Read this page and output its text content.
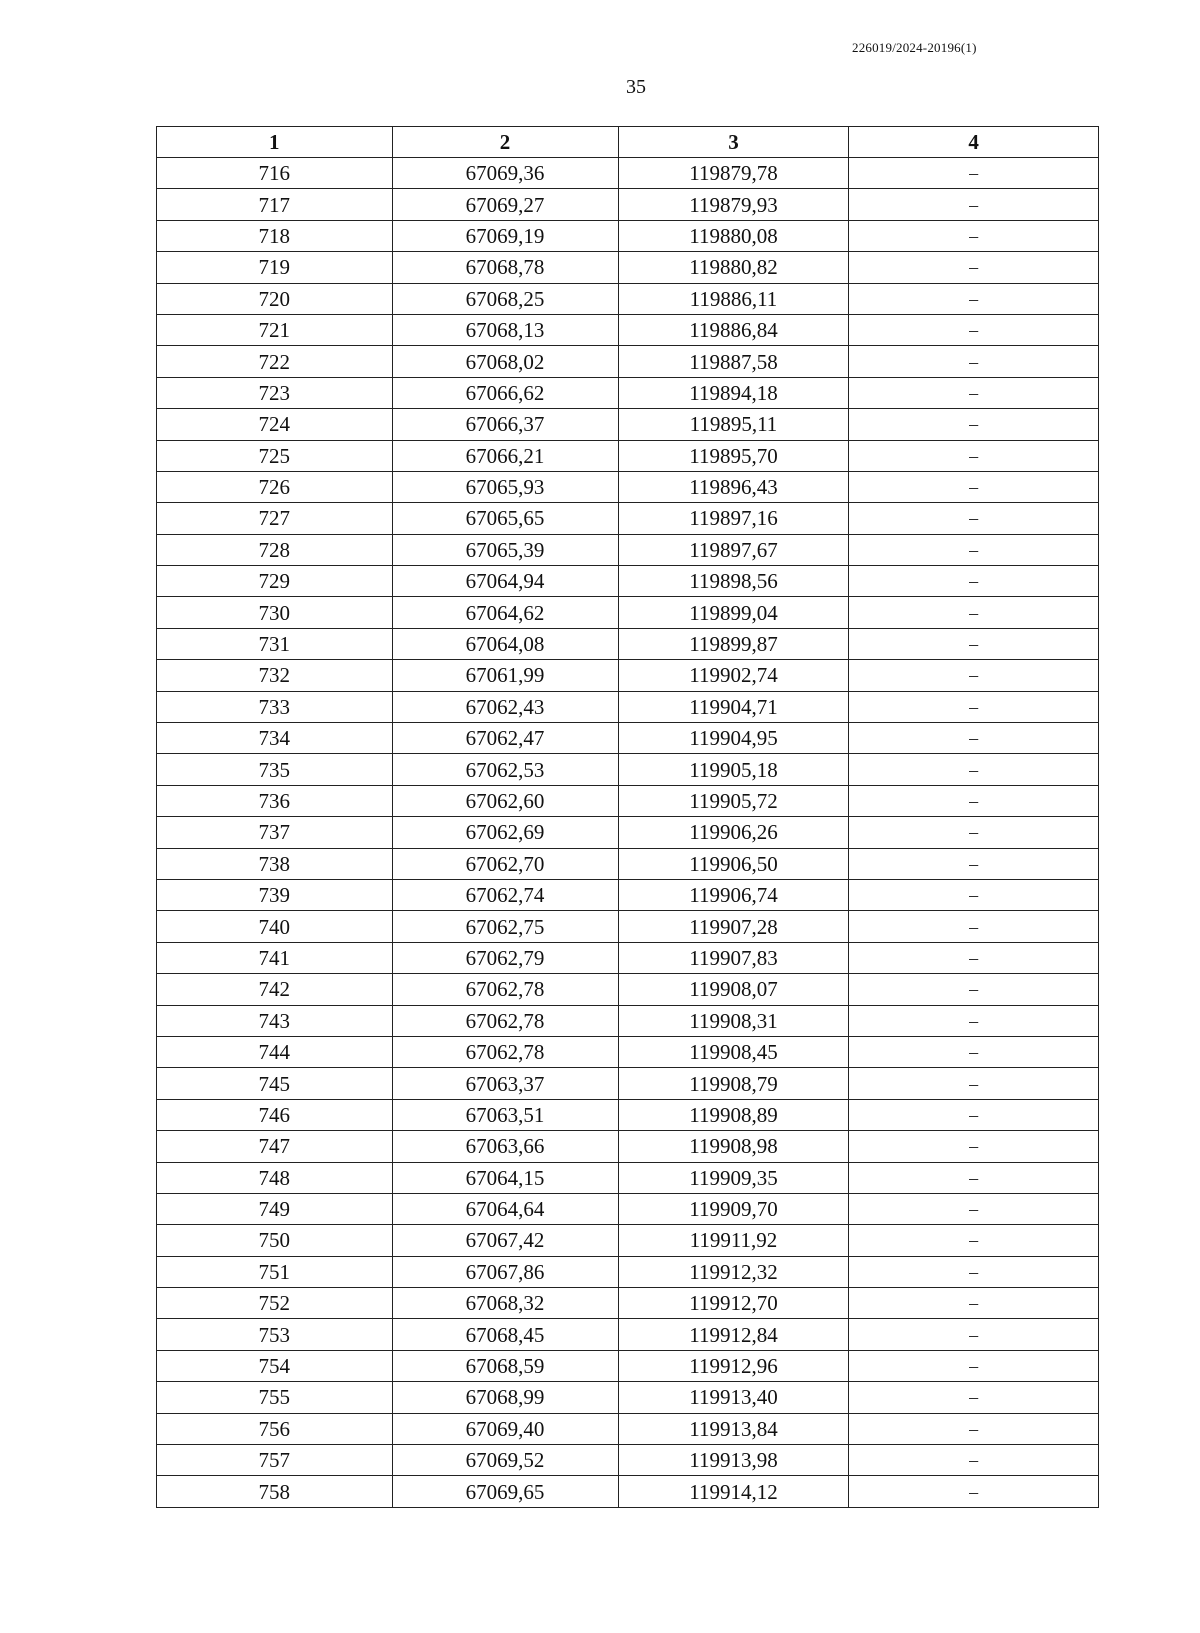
226019/2024-20196(1)
35
1	2	3	4
716	67069,36	119879,78	–
717	67069,27	119879,93	–
718	67069,19	119880,08	–
719	67068,78	119880,82	–
720	67068,25	119886,11	–
721	67068,13	119886,84	–
722	67068,02	119887,58	–
723	67066,62	119894,18	–
724	67066,37	119895,11	–
725	67066,21	119895,70	–
726	67065,93	119896,43	–
727	67065,65	119897,16	–
728	67065,39	119897,67	–
729	67064,94	119898,56	–
730	67064,62	119899,04	–
731	67064,08	119899,87	–
732	67061,99	119902,74	–
733	67062,43	119904,71	–
734	67062,47	119904,95	–
735	67062,53	119905,18	–
736	67062,60	119905,72	–
737	67062,69	119906,26	–
738	67062,70	119906,50	–
739	67062,74	119906,74	–
740	67062,75	119907,28	–
741	67062,79	119907,83	–
742	67062,78	119908,07	–
743	67062,78	119908,31	–
744	67062,78	119908,45	–
745	67063,37	119908,79	–
746	67063,51	119908,89	–
747	67063,66	119908,98	–
748	67064,15	119909,35	–
749	67064,64	119909,70	–
750	67067,42	119911,92	–
751	67067,86	119912,32	–
752	67068,32	119912,70	–
753	67068,45	119912,84	–
754	67068,59	119912,96	–
755	67068,99	119913,40	–
756	67069,40	119913,84	–
757	67069,52	119913,98	–
758	67069,65	119914,12	–
